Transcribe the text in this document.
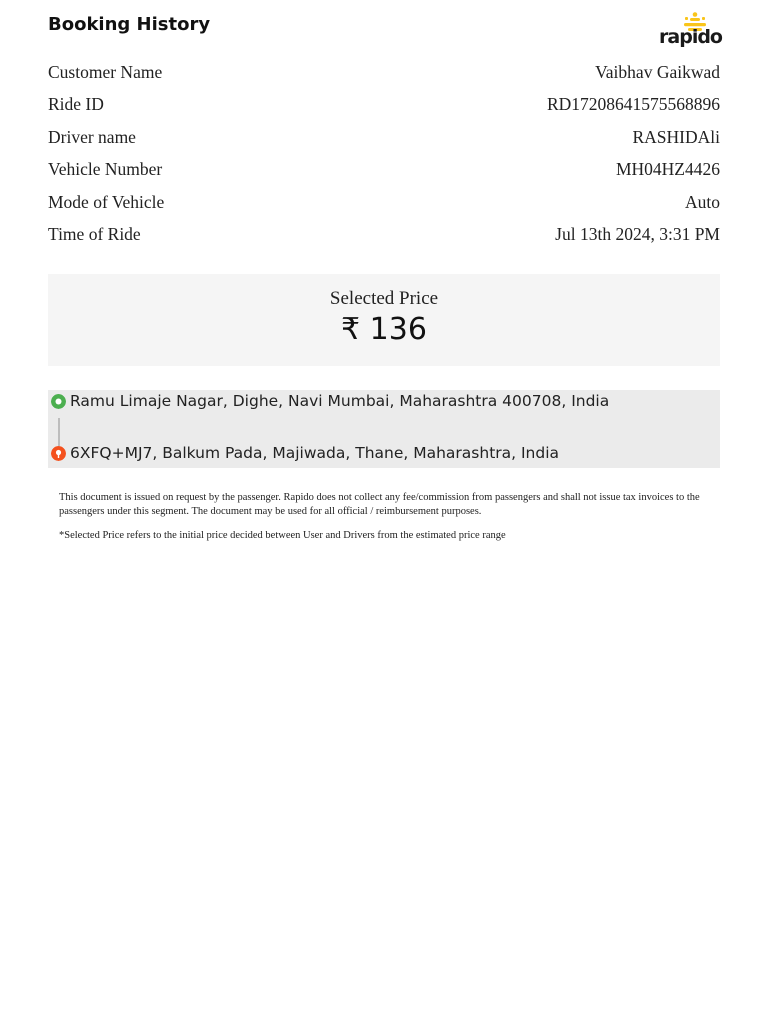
Booking History
rapido
Customer Name	Vaibhav Gaikwad
Ride ID	RD17208641575568896
Driver name	RASHIDAli
Vehicle Number	MH04HZ4426
Mode of Vehicle	Auto
Time of Ride	Jul 13th 2024, 3:31 PM
Selected Price
₹ 136
Ramu Limaje Nagar, Dighe, Navi Mumbai, Maharashtra 400708, India
6XFQ+MJ7, Balkum Pada, Majiwada, Thane, Maharashtra, India
This document is issued on request by the passenger. Rapido does not collect any fee/commission from passengers and shall not issue tax invoices to the passengers under this segment. The document may be used for all official / reimbursement purposes.
*Selected Price refers to the initial price decided between User and Drivers from the estimated price range
